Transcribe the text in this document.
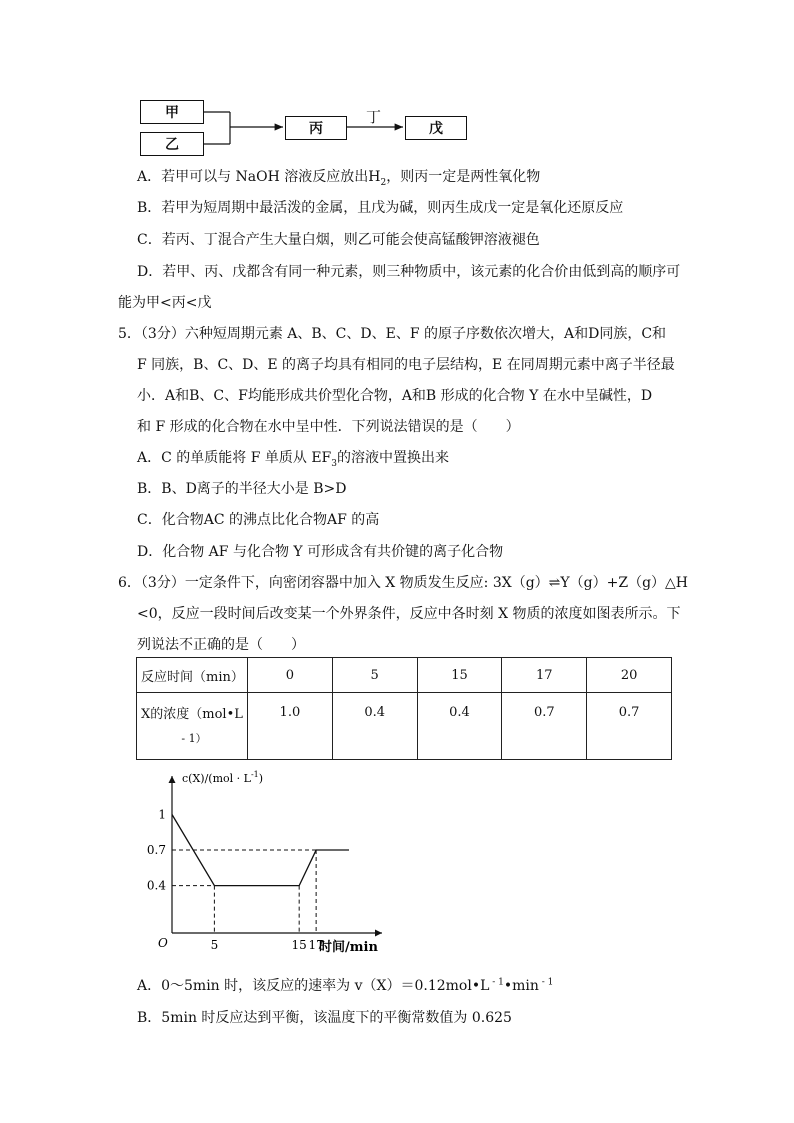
甲
乙
丙	戊
丁
A．若甲可以与 NaOH 溶液反应放出$H_2$，则丙一定是两性氧化物
B．若甲为短周期中最活泼的金属，且戊为碱，则丙生成戊一定是氧化还原反应
C．若丙、丁混合产生大量白烟，则乙可能会使高锰酸钾溶液褪色
D．若甲、丙、戊都含有同一种元素，则三种物质中，该元素的化合价由低到高的顺序可
能为甲<丙<戊
5．（3分）六种短周期元素 A、B、C、D、E、F 的原子序数依次增大，A和D同族，C和
F 同族，B、C、D、E 的离子均具有相同的电子层结构，E 在同周期元素中离子半径最
小．A和B、C、F均能形成共价型化合物，A和B 形成的化合物 Y 在水中呈碱性，D
和 F 形成的化合物在水中呈中性．下列说法错误的是（　　）
A．C 的单质能将 F 单质从 $EF_3$的溶液中置换出来
B．B、D离子的半径大小是 B>D
C．化合物AC 的沸点比化合物AF 的高
D．化合物 AF 与化合物 Y 可形成含有共价键的离子化合物
6．（3分）一定条件下，向密闭容器中加入 X 物质发生反应: 3X（g）⇌Y（g）+Z（g）△H
<0，反应一段时间后改变某一个外界条件，反应中各时刻 X 物质的浓度如图表所示。下
列说法不正确的是（　　）
反应时间（min）	0	5	15	17	20

X的浓度（mol•L
- 1）	1.0	0.4	0.4	0.7	0.7
1
0.7
0.4
5	15 17
O
$c(X)/(mol \cdot L^{-1})$
时间/min
A．0～5min 时，该反应的速率为 v（X）＝0.12mol•L $^{- 1}$•min $^{- 1}$
B．5min 时反应达到平衡，该温度下的平衡常数值为 0.625
